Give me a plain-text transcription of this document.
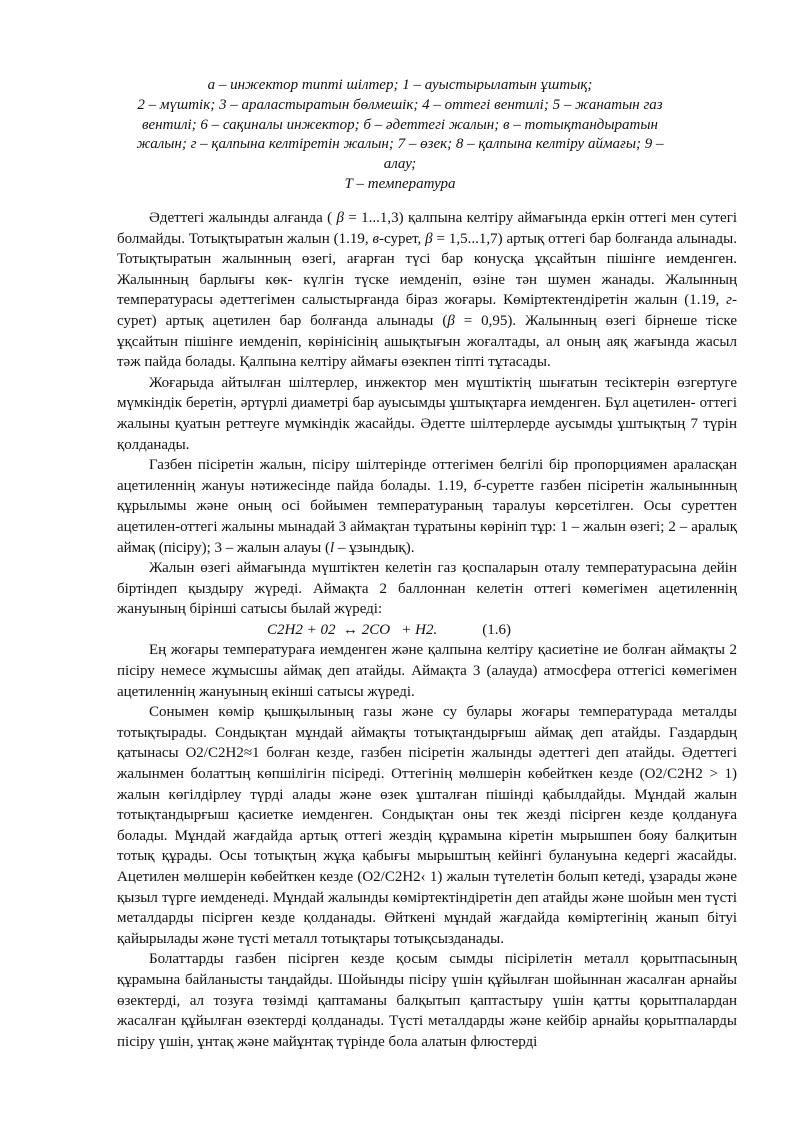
а – инжектор типті шілтер; 1 – ауыстырылатын ұштық;
2 – мүштік; 3 – араластыратын бөлмешік; 4 – оттегі вентилі; 5 – жанатын газ
вентилі; 6 – сақиналы инжектор; б – әдеттегі жалын; в – тотықтандыратын
жалын; г – қалпына келтіретін жалын; 7 – өзек; 8 – қалпына келтіру аймағы; 9 –
алау;
Т – температура

Әдеттегі жалынды алғанда ( β = 1...1,3) қалпына келтіру аймағында еркін оттегі мен сутегі болмайды. Тотықтыратын жалын (1.19, в-сурет, β = 1,5...1,7) артық оттегі бар болғанда алынады. Тотықтыратын жалынның өзегі, ағарған түсі бар конусқа ұқсайтын пішінге иемденген. Жалынның барлығы көк- күлгін түске иемденіп, өзіне тән шумен жанады. Жалынның температурасы әдеттегімен салыстырғанда біраз жоғары. Көміртектендіретін жалын (1.19, г-сурет) артық ацетилен бар болғанда алынады (β = 0,95). Жалынның өзегі бірнеше тіске ұқсайтын пішінге иемденіп, көрінісінің ашықтығын жоғалтады, ал оның аяқ жағында жасыл тәж пайда болады. Қалпына келтіру аймағы өзекпен тіпті тұтасады.

Жоғарыда айтылған шілтерлер, инжектор мен мүштіктің шығатын тесіктерін өзгертуге мүмкіндік беретін, әртүрлі диаметрі бар ауысымды ұштықтарға иемденген. Бұл ацетилен- оттегі жалыны қуатын реттеуге мүмкіндік жасайды. Әдетте шілтерлерде аусымды ұштықтың 7 түрін қолданады.

Газбен пісіретін жалын, пісіру шілтерінде оттегімен белгілі бір пропорциямен араласқан ацетиленнің жануы нәтижесінде пайда болады. 1.19, б-суретте газбен пісіретін жалынынның құрылымы және оның осі бойымен температураның таралуы көрсетілген. Осы суреттен ацетилен-оттегі жалыны мынадай 3 аймақтан тұратыны көрініп тұр: 1 – жалын өзегі; 2 – аралық аймақ (пісіру); 3 – жалын алауы (l – ұзындық).

Жалын өзегі аймағында мүштіктен келетін газ қоспаларын оталу температурасына дейін біртіндеп қыздыру жүреді. Аймақта 2 баллоннан келетін оттегі көмегімен ацетиленнің жануының бірінші сатысы былай жүреді:

C2H2 + 02  ↔ 2CO   + H2.	(1.6)

Ең жоғары температураға иемденген және қалпына келтіру қасиетіне ие болған аймақты 2 пісіру немесе жұмысшы аймақ деп атайды. Аймақта 3 (алауда) атмосфера оттегісі көмегімен ацетиленнің жануының екінші сатысы жүреді.

Сонымен көмір қышқылының газы және су булары жоғары температурада металды тотықтырады. Сондықтан мұндай аймақты тотықтандырғыш аймақ деп атайды. Газдардың қатынасы O2/C2H2≈1 болған кезде, газбен пісіретін жалынды әдеттегі деп атайды. Әдеттегі жалынмен болаттың көпшілігін пісіреді. Оттегінің мөлшерін көбейткен кезде (O2/C2H2 > 1) жалын көгілдірлеу түрді алады және өзек ұшталған пішінді қабылдайды. Мұндай жалын тотықтандырғыш қасиетке иемденген. Сондықтан оны тек жезді пісірген кезде қолдануға болады. Мұндай жағдайда артық оттегі жездің құрамына кіретін мырышпен бояу балқитын тотық құрады. Осы тотықтың жұқа қабығы мырыштың кейінгі булануына кедергі жасайды. Ацетилен мөлшерін көбейткен кезде (O2/C2H2‹ 1) жалын түтелетін болып кетеді, ұзарады және қызыл түрге иемденеді. Мұндай жалынды көміртектіндіретін деп атайды және шойын мен түсті металдарды пісірген кезде қолданады. Өйткені мұндай жағдайда көміртегінің жанып бітуі қайырылады және түсті металл тотықтары тотықсызданады.

Болаттарды газбен пісірген кезде қосым сымды пісірілетін металл қорытпасының құрамына байланысты таңдайды. Шойынды пісіру үшін құйылған шойыннан жасалған арнайы өзектерді, ал тозуға төзімді қаптаманы балқытып қаптастыру үшін қатты қорытпалардан жасалған құйылған өзектерді қолданады. Түсті металдарды және кейбір арнайы қорытпаларды пісіру үшін, ұнтақ және майұнтақ түрінде бола алатын флюстерді
